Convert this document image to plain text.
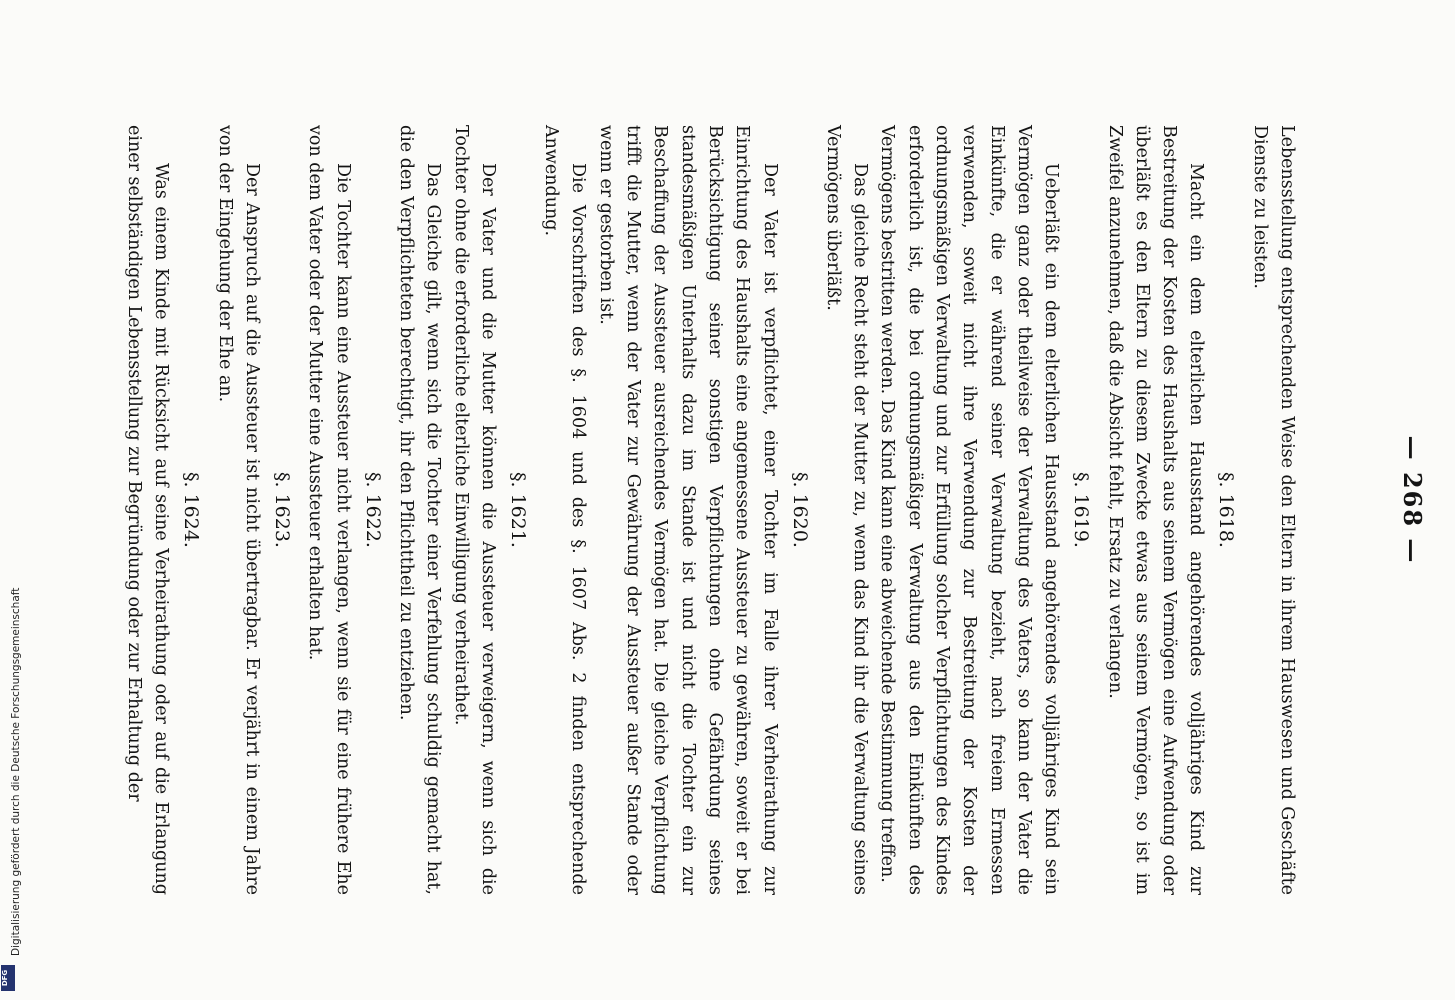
— 268 —

Lebensstellung entsprechenden Weise den Eltern in ihrem Hauswesen und Geschäfte Dienste zu leisten.

§. 1618.

Macht ein dem elterlichen Hausstand angehörendes volljähriges Kind zur Bestreitung der Kosten des Haushalts aus seinem Vermögen eine Aufwendung oder überläßt es den Eltern zu diesem Zwecke etwas aus seinem Vermögen, so ist im Zweifel anzunehmen, daß die Absicht fehlt, Ersatz zu verlangen.

§. 1619.

Ueberläßt ein dem elterlichen Hausstand angehörendes volljähriges Kind sein Vermögen ganz oder theilweise der Verwaltung des Vaters, so kann der Vater die Einkünfte, die er während seiner Verwaltung bezieht, nach freiem Ermessen verwenden, soweit nicht ihre Verwendung zur Bestreitung der Kosten der ordnungsmäßigen Verwaltung und zur Erfüllung solcher Verpflichtungen des Kindes erforderlich ist, die bei ordnungsmäßiger Verwaltung aus den Einkünften des Vermögens bestritten werden. Das Kind kann eine abweichende Bestimmung treffen.

Das gleiche Recht steht der Mutter zu, wenn das Kind ihr die Verwaltung seines Vermögens überläßt.

§. 1620.

Der Vater ist verpflichtet, einer Tochter im Falle ihrer Verheirathung zur Einrichtung des Haushalts eine angemessene Aussteuer zu gewähren, soweit er bei Berücksichtigung seiner sonstigen Verpflichtungen ohne Gefährdung seines standesmäßigen Unterhalts dazu im Stande ist und nicht die Tochter ein zur Beschaffung der Aussteuer ausreichendes Vermögen hat. Die gleiche Verpflichtung trifft die Mutter, wenn der Vater zur Gewährung der Aussteuer außer Stande oder wenn er gestorben ist.

Die Vorschriften des §. 1604 und des §. 1607 Abs. 2 finden entsprechende Anwendung.

§. 1621.

Der Vater und die Mutter können die Aussteuer verweigern, wenn sich die Tochter ohne die erforderliche elterliche Einwilligung verheirathet.

Das Gleiche gilt, wenn sich die Tochter einer Verfehlung schuldig gemacht hat, die den Verpflichteten berechtigt, ihr den Pflichttheil zu entziehen.

§. 1622.

Die Tochter kann eine Aussteuer nicht verlangen, wenn sie für eine frühere Ehe von dem Vater oder der Mutter eine Aussteuer erhalten hat.

§. 1623.

Der Anspruch auf die Aussteuer ist nicht übertragbar. Er verjährt in einem Jahre von der Eingehung der Ehe an.

§. 1624.

Was einem Kinde mit Rücksicht auf seine Verheirathung oder auf die Erlangung einer selbständigen Lebensstellung zur Begründung oder zur Erhaltung der

Digitalisierung gefördert durch die Deutsche Forschungsgemeinschaft
DFG
